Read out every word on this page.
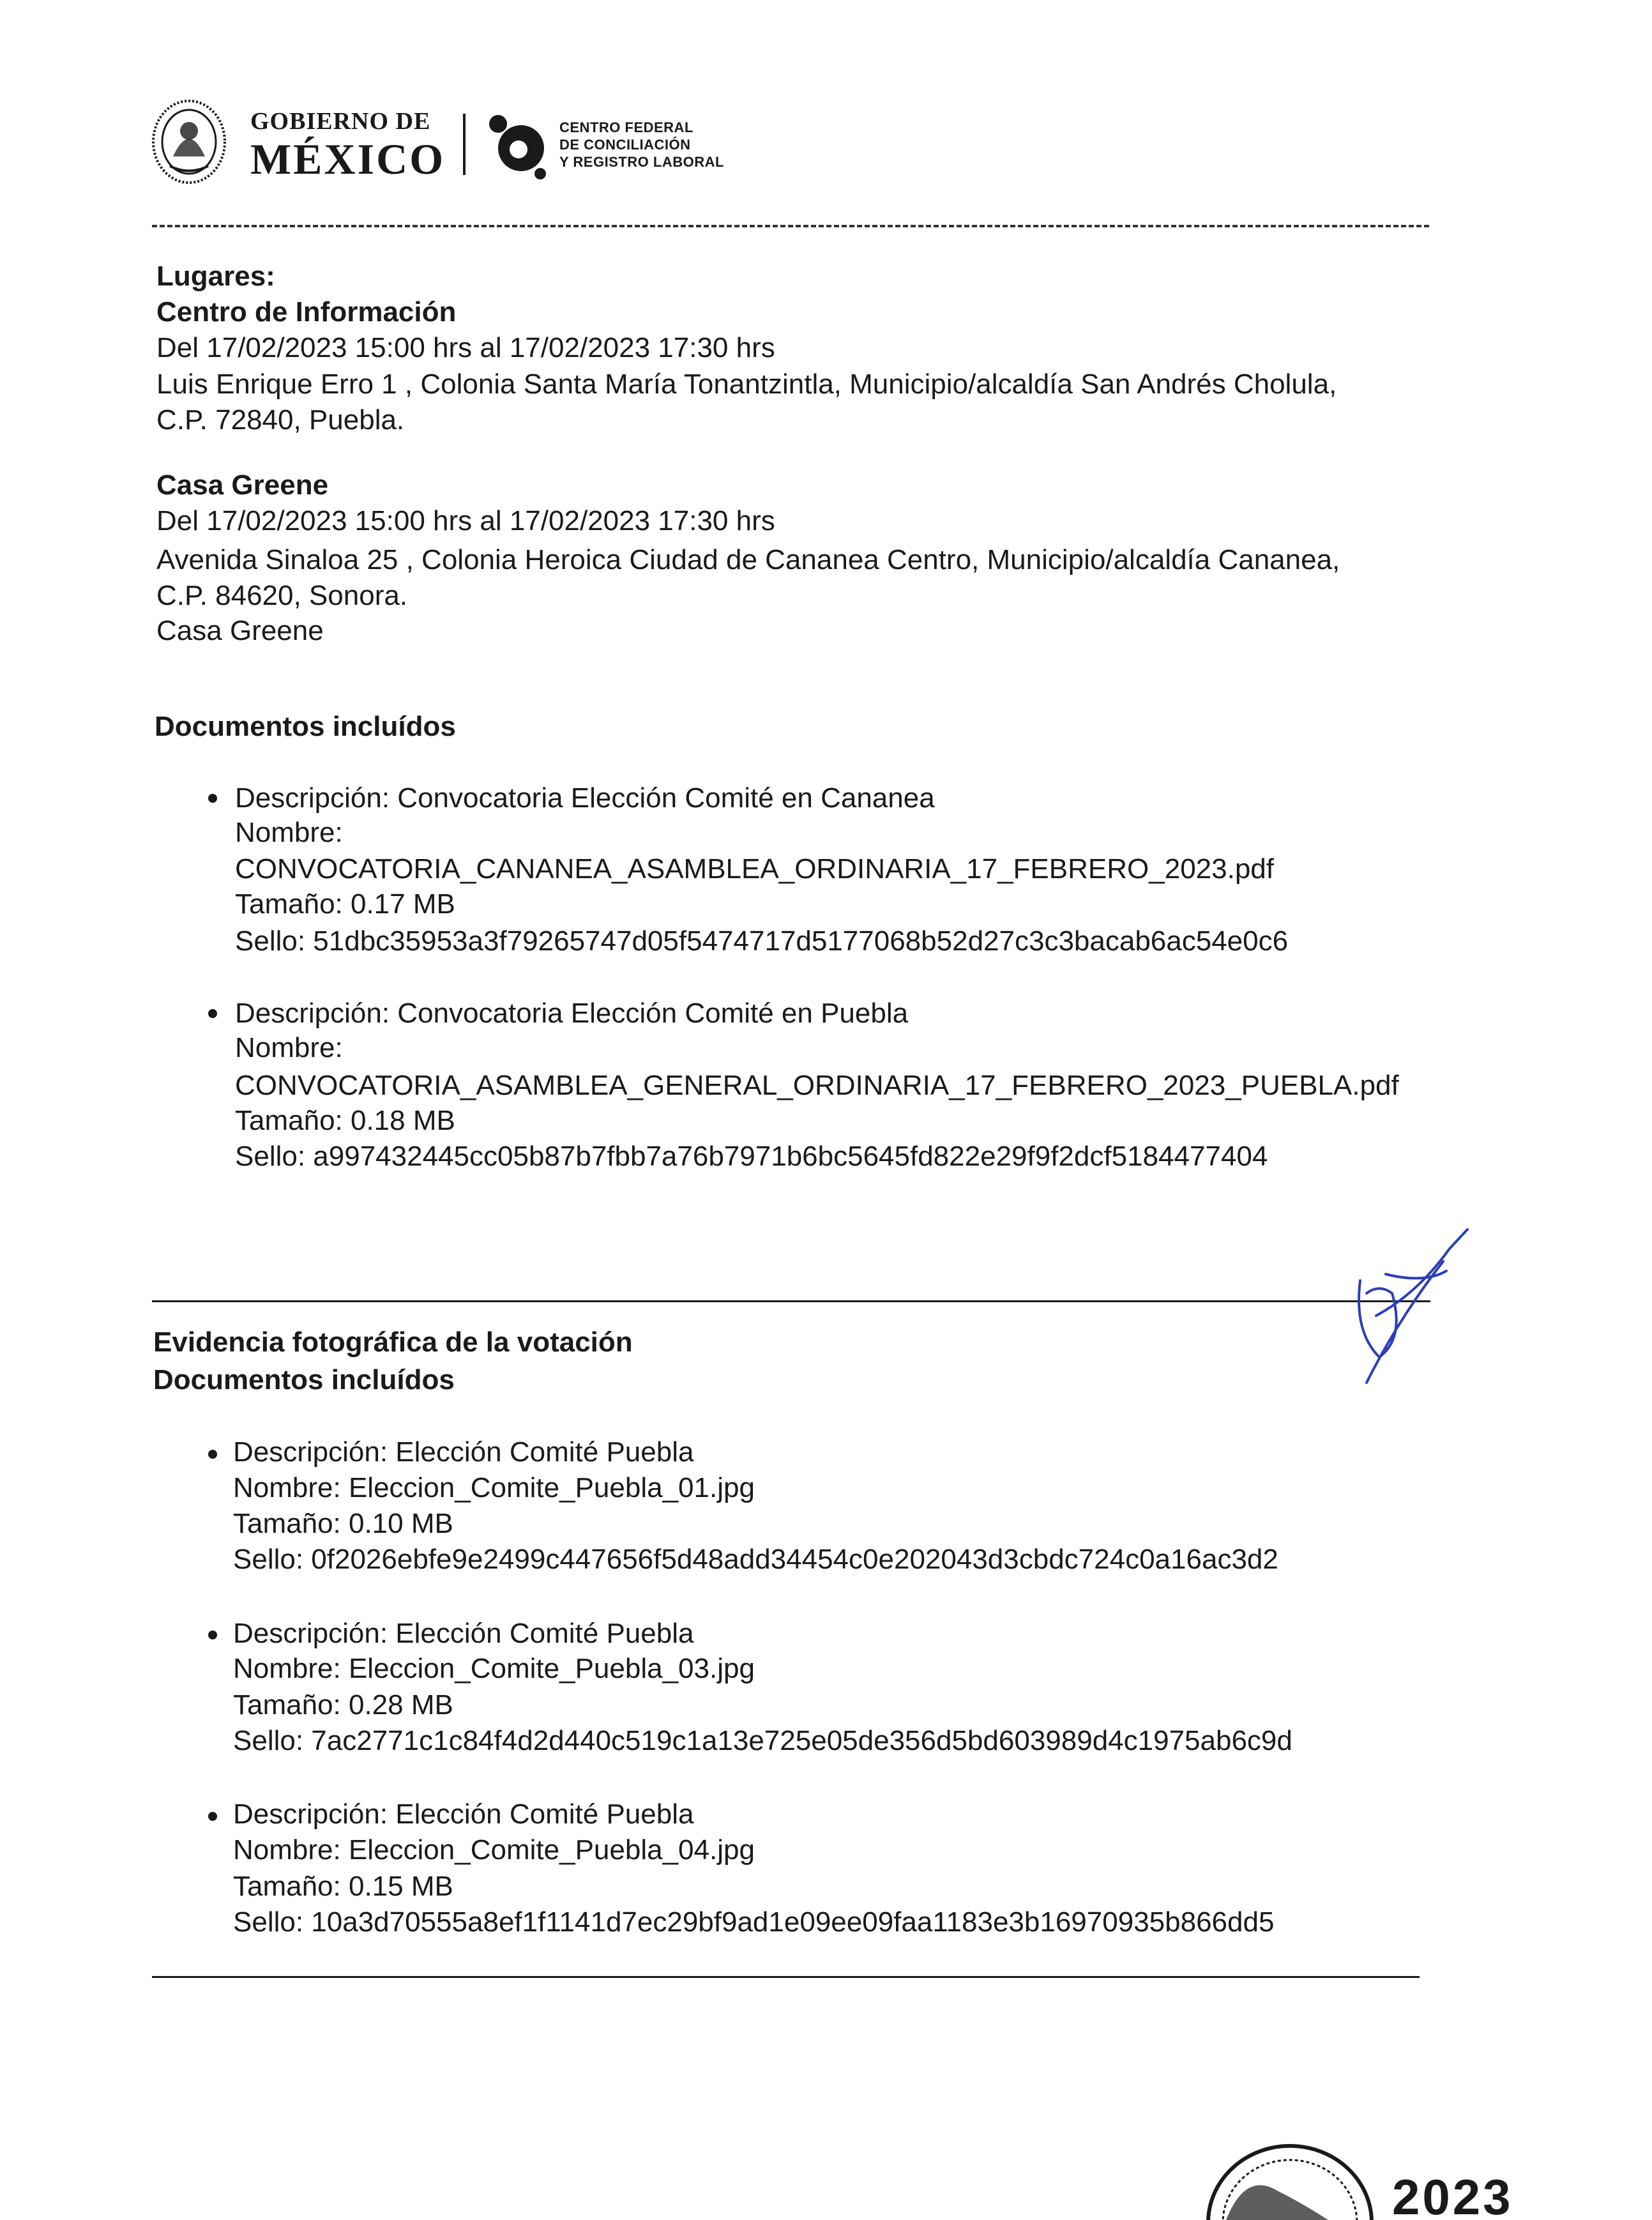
GOBIERNO DE
MÉXICO
CENTRO FEDERAL
DE CONCILIACIÓN
Y REGISTRO LABORAL
Lugares:
Centro de Información
Del 17/02/2023 15:00 hrs al 17/02/2023 17:30 hrs
Luis Enrique Erro 1 , Colonia Santa María Tonantzintla, Municipio/alcaldía San Andrés Cholula,
C.P. 72840, Puebla.
Casa Greene
Del 17/02/2023 15:00 hrs al 17/02/2023 17:30 hrs
Avenida Sinaloa 25 , Colonia Heroica Ciudad de Cananea Centro, Municipio/alcaldía Cananea,
C.P. 84620, Sonora.
Casa Greene
Documentos incluídos
Descripción: Convocatoria Elección Comité en Cananea
Nombre:
CONVOCATORIA_CANANEA_ASAMBLEA_ORDINARIA_17_FEBRERO_2023.pdf
Tamaño: 0.17 MB
Sello: 51dbc35953a3f79265747d05f5474717d5177068b52d27c3c3bacab6ac54e0c6
Descripción: Convocatoria Elección Comité en Puebla
Nombre:
CONVOCATORIA_ASAMBLEA_GENERAL_ORDINARIA_17_FEBRERO_2023_PUEBLA.pdf
Tamaño: 0.18 MB
Sello: a997432445cc05b87b7fbb7a76b7971b6bc5645fd822e29f9f2dcf5184477404
Evidencia fotográfica de la votación
Documentos incluídos
Descripción: Elección Comité Puebla
Nombre: Eleccion_Comite_Puebla_01.jpg
Tamaño: 0.10 MB
Sello: 0f2026ebfe9e2499c447656f5d48add34454c0e202043d3cbdc724c0a16ac3d2
Descripción: Elección Comité Puebla
Nombre: Eleccion_Comite_Puebla_03.jpg
Tamaño: 0.28 MB
Sello: 7ac2771c1c84f4d2d440c519c1a13e725e05de356d5bd603989d4c1975ab6c9d
Descripción: Elección Comité Puebla
Nombre: Eleccion_Comite_Puebla_04.jpg
Tamaño: 0.15 MB
Sello: 10a3d70555a8ef1f1141d7ec29bf9ad1e09ee09faa1183e3b16970935b866dd5
2023
